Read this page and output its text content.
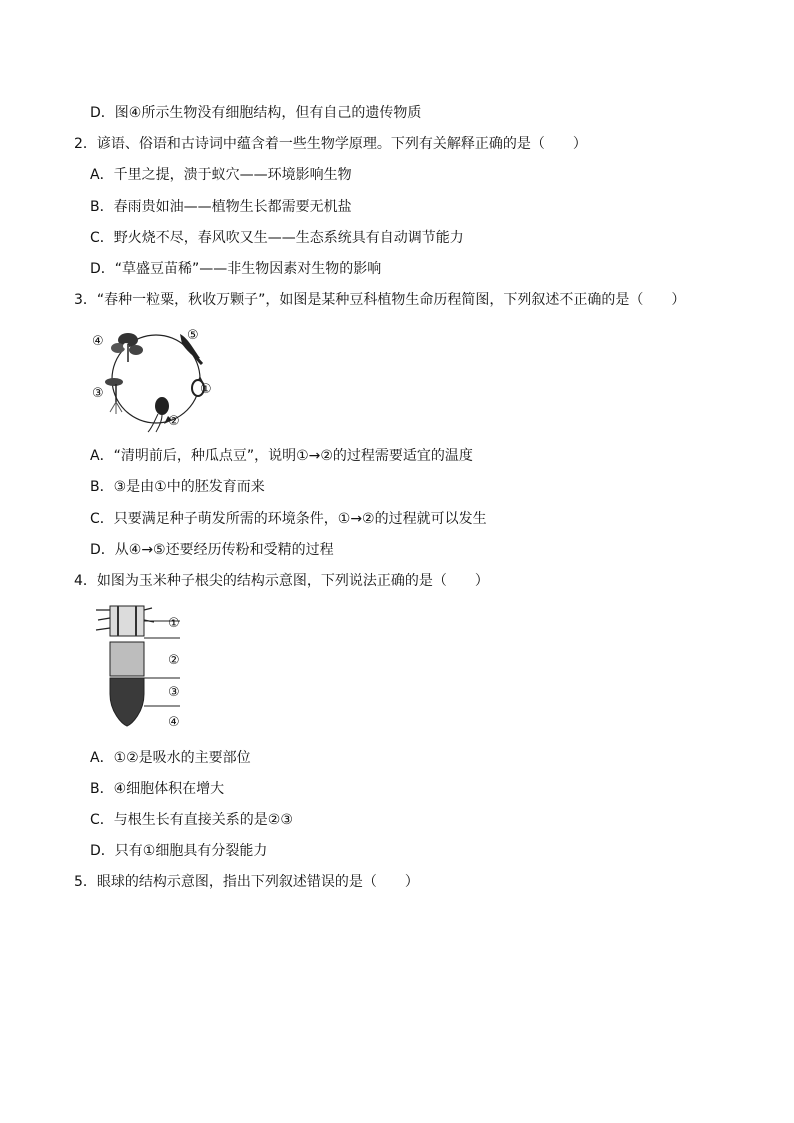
D．图④所示生物没有细胞结构，但有自己的遗传物质
2．谚语、俗语和古诗词中蕴含着一些生物学原理。下列有关解释正确的是（　　）
A．千里之提，溃于蚁穴——环境影响生物
B．春雨贵如油——植物生长都需要无机盐
C．野火烧不尽，春风吹又生——生态系统具有自动调节能力
D．“草盛豆苗稀”——非生物因素对生物的影响
3．“春种一粒粟，秋收万颗子”，如图是某种豆科植物生命历程简图，下列叙述不正确的是（　　）
①
②
③
④	⑤
A．“清明前后，种瓜点豆”，说明①→②的过程需要适宜的温度
B．③是由①中的胚发育而来
C．只要满足种子萌发所需的环境条件，①→②的过程就可以发生
D．从④→⑤还要经历传粉和受精的过程
4．如图为玉米种子根尖的结构示意图，下列说法正确的是（　　）
①
②
③
④
A．①②是吸水的主要部位
B．④细胞体积在增大
C．与根生长有直接关系的是②③
D．只有①细胞具有分裂能力
5．眼球的结构示意图，指出下列叙述错误的是（　　）
